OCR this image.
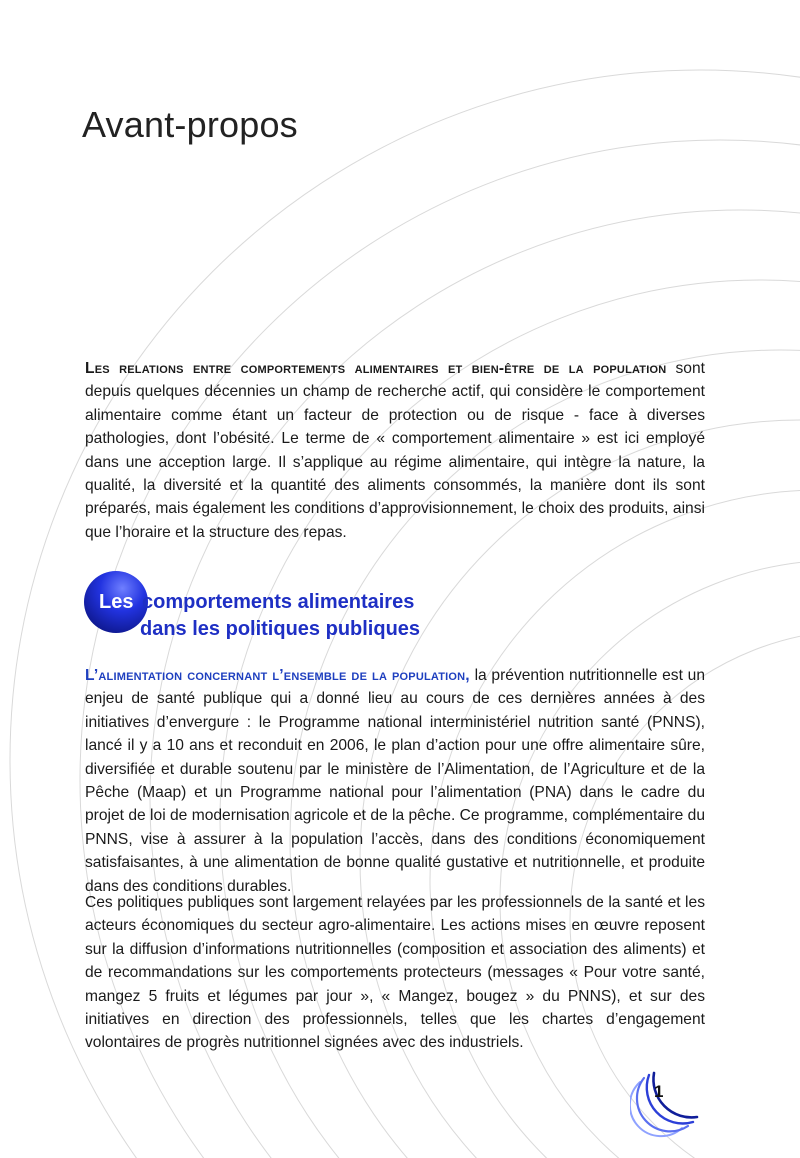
Avant-propos

Les relations entre comportements alimentaires et bien-être de la population sont depuis quelques décennies un champ de recherche actif, qui considère le comportement alimentaire comme étant un facteur de protection ou de risque - face à diverses pathologies, dont l’obésité. Le terme de « comportement alimentaire » est ici employé dans une acception large. Il s’applique au régime alimentaire, qui intègre la nature, la qualité, la diversité et la quantité des aliments consommés, la manière dont ils sont préparés, mais également les conditions d’approvisionnement, le choix des produits, ainsi que l’horaire et la structure des repas.

Les comportements alimentaires
dans les politiques publiques

L’alimentation concernant l’ensemble de la population, la prévention nutritionnelle est un enjeu de santé publique qui a donné lieu au cours de ces dernières années à des initiatives d’envergure : le Programme national interministériel nutrition santé (PNNS), lancé il y a 10 ans et reconduit en 2006, le plan d’action pour une offre alimentaire sûre, diversifiée et durable soutenu par le ministère de l’Alimentation, de l’Agriculture et de la Pêche (Maap) et un Programme national pour l’alimentation (PNA) dans le cadre du projet de loi de modernisation agricole et de la pêche. Ce programme, complémentaire du PNNS, vise à assurer à la population l’accès, dans des conditions économiquement satisfaisantes, à une alimentation de bonne qualité gustative et nutritionnelle, et produite dans des conditions durables.

Ces politiques publiques sont largement relayées par les professionnels de la santé et les acteurs économiques du secteur agro-alimentaire. Les actions mises en œuvre reposent sur la diffusion d’informations nutritionnelles (composition et association des aliments) et de recommandations sur les comportements protecteurs (messages « Pour votre santé, mangez 5 fruits et légumes par jour », « Mangez, bougez » du PNNS), et sur des initiatives en direction des professionnels, telles que les chartes d’engagement volontaires de progrès nutritionnel signées avec des industriels.

1
